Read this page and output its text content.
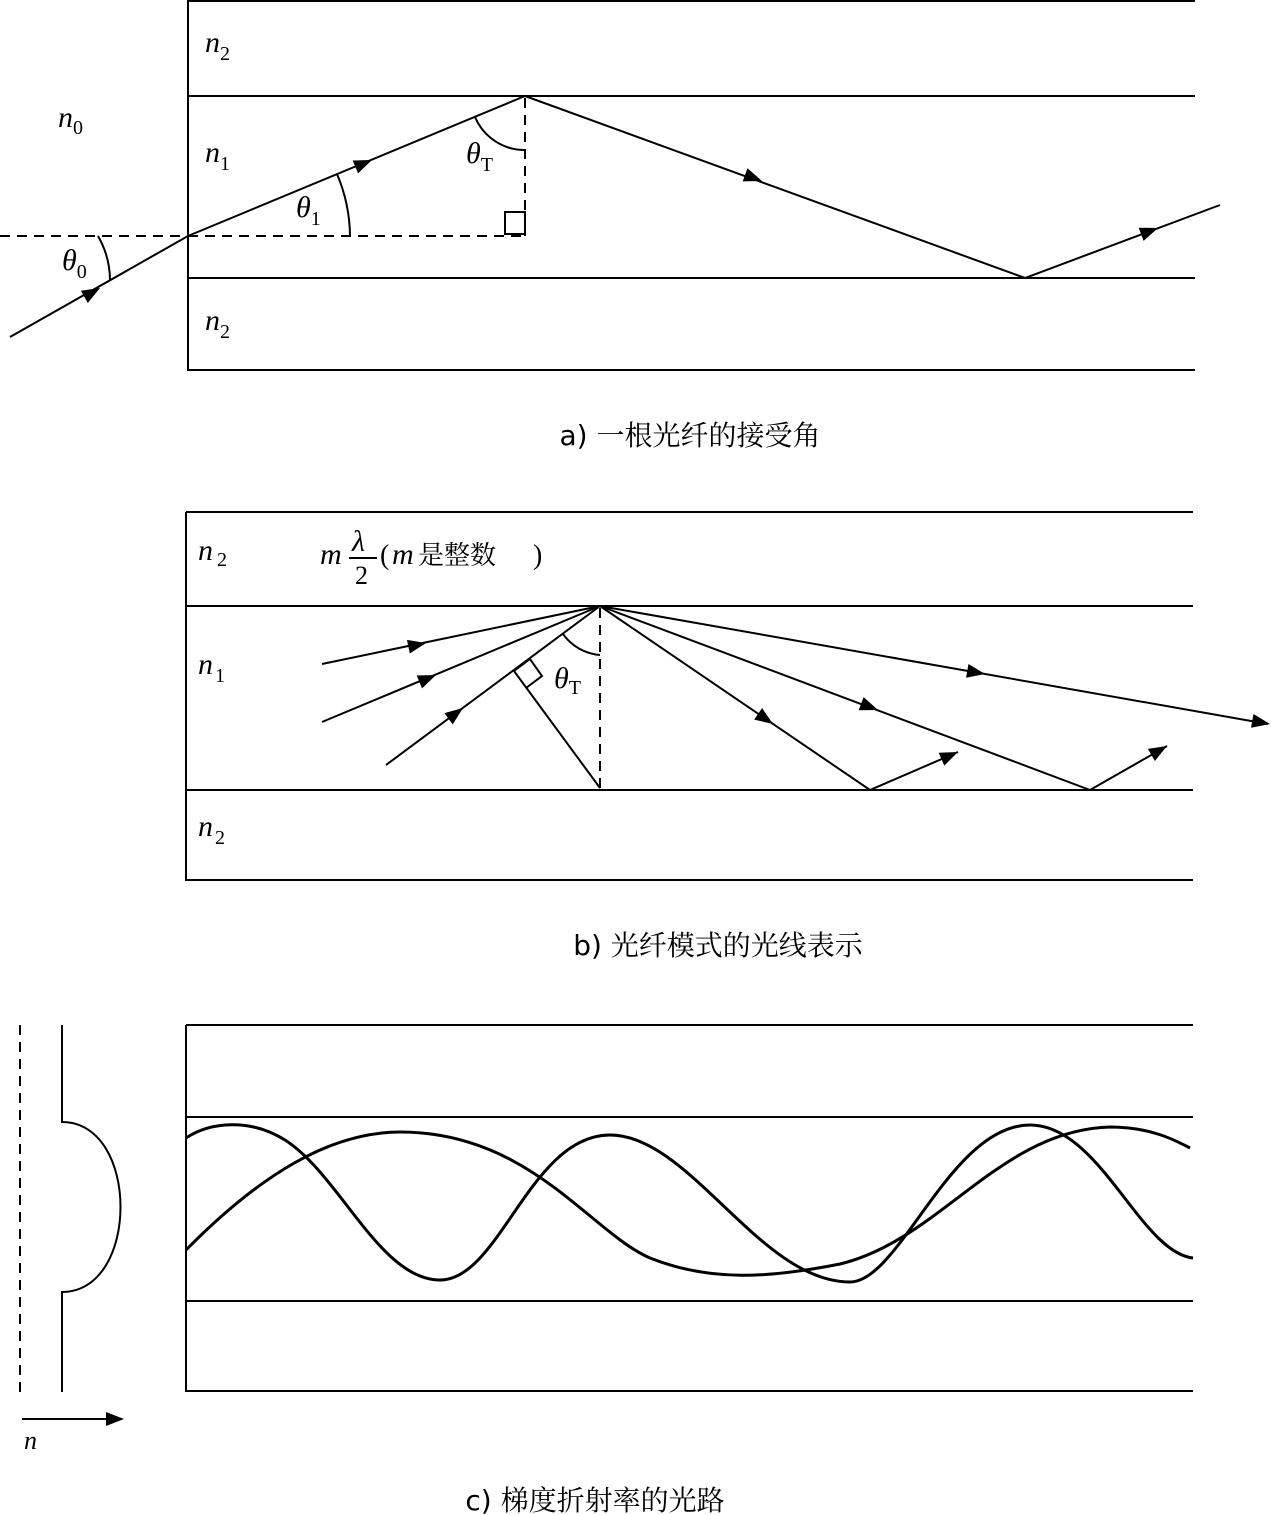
$n_0$
$n_2$
$n_1$
$n_2$
$\theta_0$
$\theta_1$
$\theta_T$
a) 一根光纤的接受角
n $_2$
n $_1$
n $_2$
m λ
2
( m 是整数 )
$\theta_T$
b) 光纤模式的光线表示
n
c) 梯度折射率的光路
